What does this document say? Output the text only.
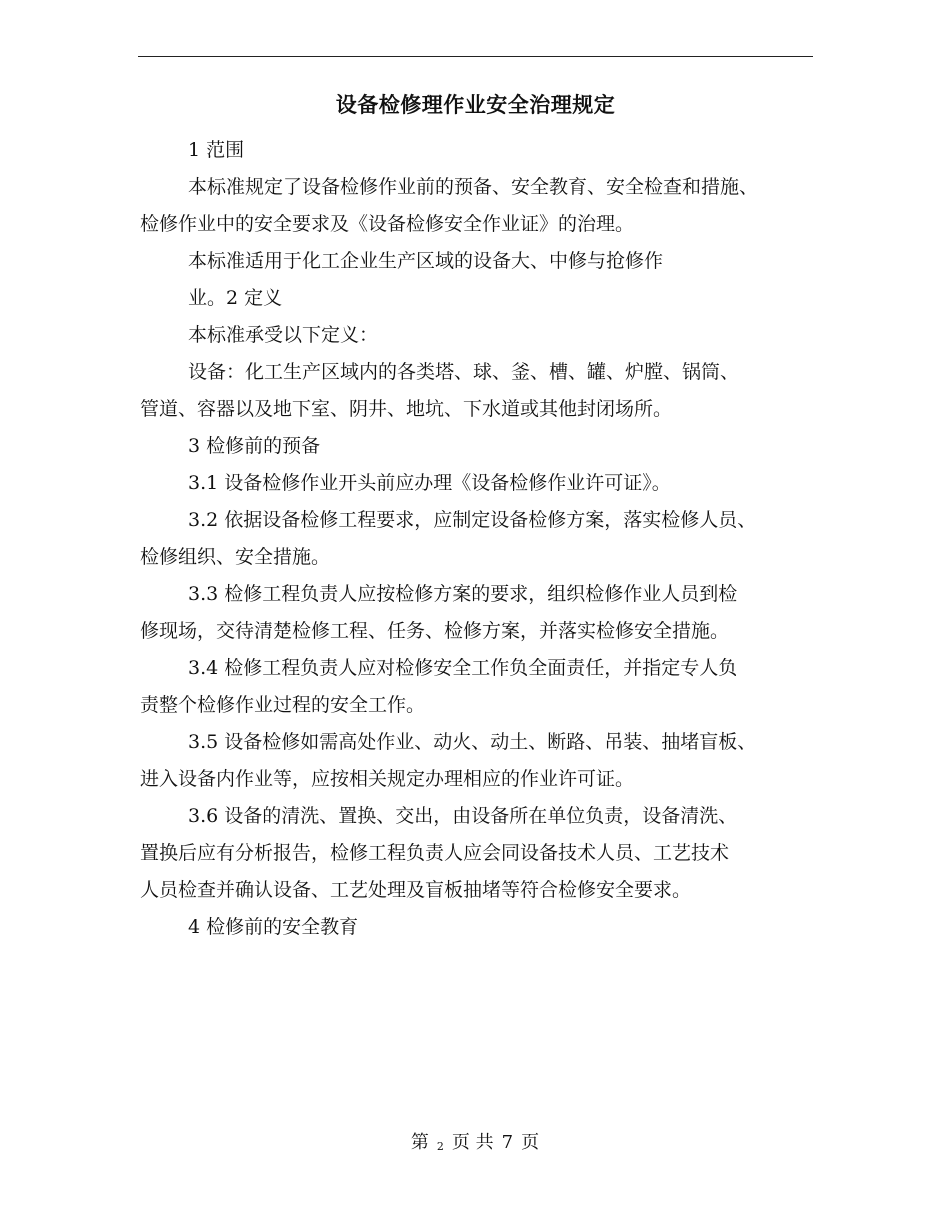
设备检修理作业安全治理规定

1 范围

本标准规定了设备检修作业前的预备、安全教育、安全检查和措施、

检修作业中的安全要求及《设备检修安全作业证》的治理。

本标准适用于化工企业生产区域的设备大、中修与抢修作

业。2 定义

本标准承受以下定义：

设备：化工生产区域内的各类塔、球、釜、槽、罐、炉膛、锅筒、

管道、容器以及地下室、阴井、地坑、下水道或其他封闭场所。

3 检修前的预备

3.1 设备检修作业开头前应办理《设备检修作业许可证》。

3.2 依据设备检修工程要求，应制定设备检修方案，落实检修人员、

检修组织、安全措施。

3.3 检修工程负责人应按检修方案的要求，组织检修作业人员到检

修现场，交待清楚检修工程、任务、检修方案，并落实检修安全措施。

3.4 检修工程负责人应对检修安全工作负全面责任，并指定专人负

责整个检修作业过程的安全工作。

3.5 设备检修如需高处作业、动火、动土、断路、吊装、抽堵盲板、

进入设备内作业等，应按相关规定办理相应的作业许可证。

3.6 设备的清洗、置换、交出，由设备所在单位负责，设备清洗、

置换后应有分析报告，检修工程负责人应会同设备技术人员、工艺技术

人员检查并确认设备、工艺处理及盲板抽堵等符合检修安全要求。

4 检修前的安全教育

第 2 页 共 7 页
